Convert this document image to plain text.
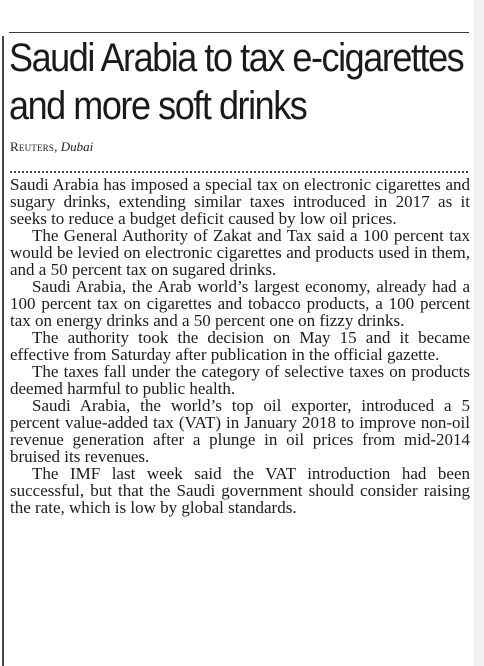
Saudi Arabia to tax e-cigarettes
and more soft drinks
Reuters, Dubai

Saudi Arabia has imposed a special tax on electronic cigarettes and sugary drinks, extending similar taxes introduced in 2017 as it seeks to reduce a budget deficit caused by low oil prices.

The General Authority of Zakat and Tax said a 100 percent tax would be levied on electronic cigarettes and products used in them, and a 50 percent tax on sugared drinks.

Saudi Arabia, the Arab world’s largest economy, already had a 100 percent tax on cigarettes and tobacco products, a 100 percent tax on energy drinks and a 50 percent one on fizzy drinks.

The authority took the decision on May 15 and it became effective from Saturday after publication in the official gazette.

The taxes fall under the category of selective taxes on products deemed harmful to public health.

Saudi Arabia, the world’s top oil exporter, introduced a 5 percent value-added tax (VAT) in January 2018 to improve non-oil revenue generation after a plunge in oil prices from mid-2014 bruised its revenues.

The IMF last week said the VAT introduction had been successful, but that the Saudi government should consider raising the rate, which is low by global standards.
